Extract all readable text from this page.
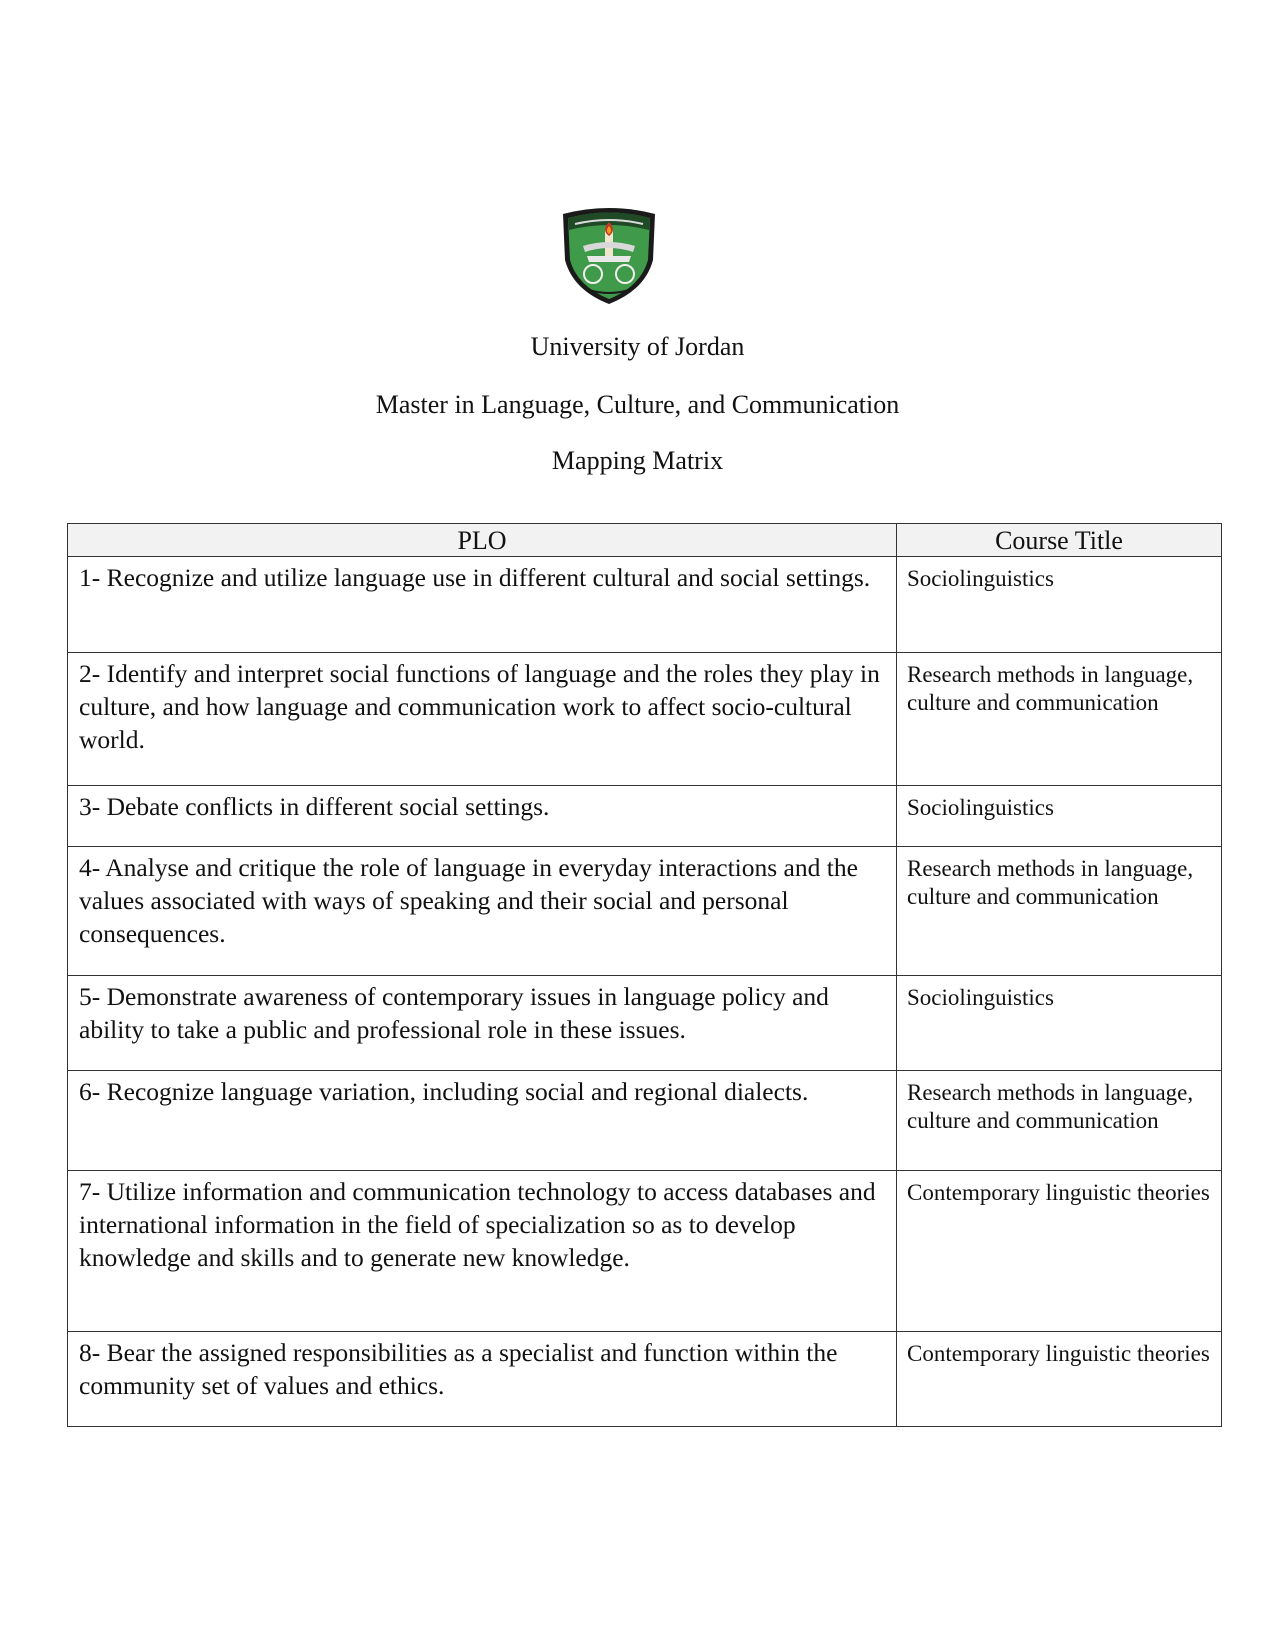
University of Jordan
Master in Language, Culture, and Communication
Mapping Matrix
PLO	Course Title
1- Recognize and utilize language use in different cultural and social settings.	Sociolinguistics
2- Identify and interpret social functions of language and the roles they play in culture, and how language and communication work to affect socio-cultural world.	Research methods in language, culture and communication
3- Debate conflicts in different social settings.	Sociolinguistics
4- Analyse and critique the role of language in everyday interactions and the values associated with ways of speaking and their social and personal consequences.	Research methods in language, culture and communication
5- Demonstrate awareness of contemporary issues in language policy and ability to take a public and professional role in these issues.	Sociolinguistics
6- Recognize language variation, including social and regional dialects.	Research methods in language, culture and communication
7- Utilize information and communication technology to access databases and international information in the field of specialization so as to develop knowledge and skills and to generate new knowledge.	Contemporary linguistic theories
8- Bear the assigned responsibilities as a specialist and function within the community set of values and ethics.	Contemporary linguistic theories
